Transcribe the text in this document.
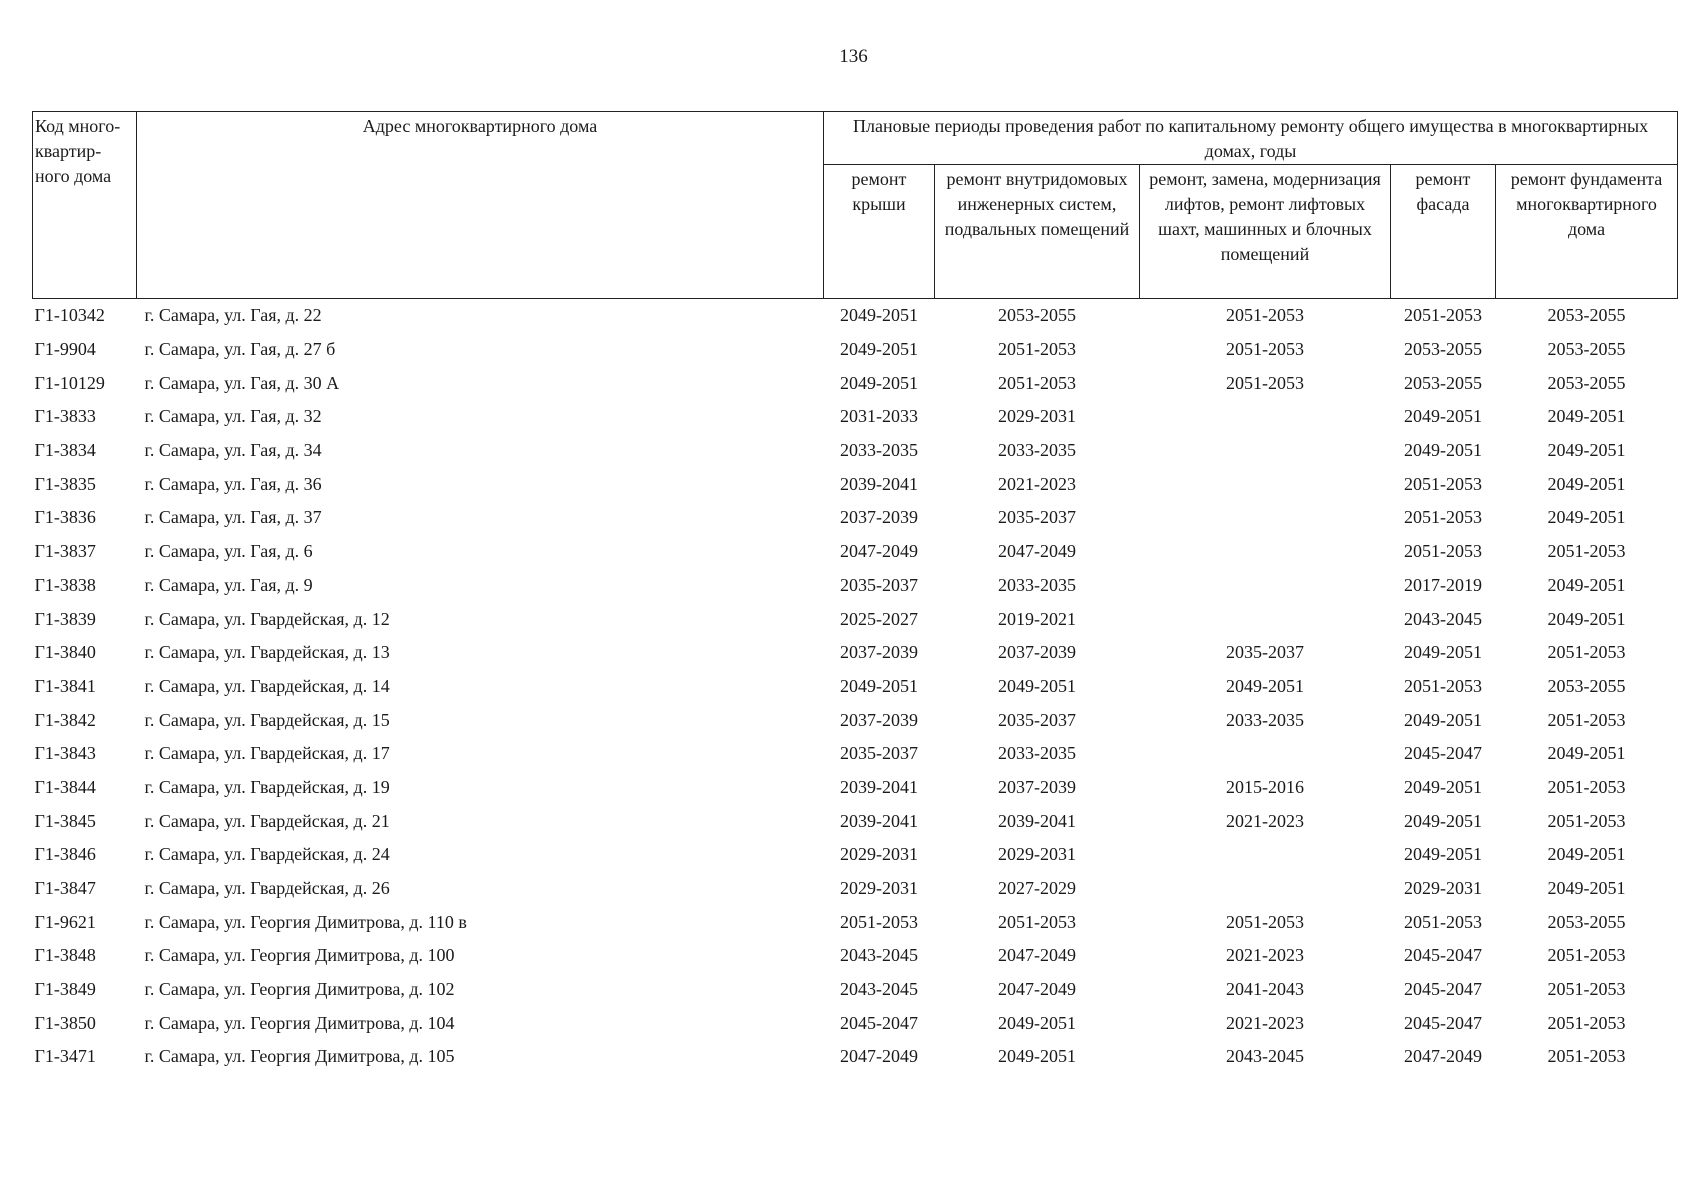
136
Код много-квартир-ного дома	Адрес многоквартирного дома	Плановые периоды проведения работ по капитальному ремонту общего имущества в многоквартирных домах, годы				
		ремонт крыши	ремонт внутридомовых инженерных систем, подвальных помещений	ремонт, замена, модернизация лифтов, ремонт лифтовых шахт, машинных и блочных помещений	ремонт фасада	ремонт фундамента многоквартирного дома
Г1-10342	г. Самара, ул. Гая, д. 22	2049-2051	2053-2055	2051-2053	2051-2053	2053-2055
Г1-9904	г. Самара, ул. Гая, д. 27 б	2049-2051	2051-2053	2051-2053	2053-2055	2053-2055
Г1-10129	г. Самара, ул. Гая, д. 30 А	2049-2051	2051-2053	2051-2053	2053-2055	2053-2055
Г1-3833	г. Самара, ул. Гая, д. 32	2031-2033	2029-2031		2049-2051	2049-2051
Г1-3834	г. Самара, ул. Гая, д. 34	2033-2035	2033-2035		2049-2051	2049-2051
Г1-3835	г. Самара, ул. Гая, д. 36	2039-2041	2021-2023		2051-2053	2049-2051
Г1-3836	г. Самара, ул. Гая, д. 37	2037-2039	2035-2037		2051-2053	2049-2051
Г1-3837	г. Самара, ул. Гая, д. 6	2047-2049	2047-2049		2051-2053	2051-2053
Г1-3838	г. Самара, ул. Гая, д. 9	2035-2037	2033-2035		2017-2019	2049-2051
Г1-3839	г. Самара, ул. Гвардейская, д. 12	2025-2027	2019-2021		2043-2045	2049-2051
Г1-3840	г. Самара, ул. Гвардейская, д. 13	2037-2039	2037-2039	2035-2037	2049-2051	2051-2053
Г1-3841	г. Самара, ул. Гвардейская, д. 14	2049-2051	2049-2051	2049-2051	2051-2053	2053-2055
Г1-3842	г. Самара, ул. Гвардейская, д. 15	2037-2039	2035-2037	2033-2035	2049-2051	2051-2053
Г1-3843	г. Самара, ул. Гвардейская, д. 17	2035-2037	2033-2035		2045-2047	2049-2051
Г1-3844	г. Самара, ул. Гвардейская, д. 19	2039-2041	2037-2039	2015-2016	2049-2051	2051-2053
Г1-3845	г. Самара, ул. Гвардейская, д. 21	2039-2041	2039-2041	2021-2023	2049-2051	2051-2053
Г1-3846	г. Самара, ул. Гвардейская, д. 24	2029-2031	2029-2031		2049-2051	2049-2051
Г1-3847	г. Самара, ул. Гвардейская, д. 26	2029-2031	2027-2029		2029-2031	2049-2051
Г1-9621	г. Самара, ул. Георгия Димитрова, д. 110 в	2051-2053	2051-2053	2051-2053	2051-2053	2053-2055
Г1-3848	г. Самара, ул. Георгия Димитрова, д. 100	2043-2045	2047-2049	2021-2023	2045-2047	2051-2053
Г1-3849	г. Самара, ул. Георгия Димитрова, д. 102	2043-2045	2047-2049	2041-2043	2045-2047	2051-2053
Г1-3850	г. Самара, ул. Георгия Димитрова, д. 104	2045-2047	2049-2051	2021-2023	2045-2047	2051-2053
Г1-3471	г. Самара, ул. Георгия Димитрова, д. 105	2047-2049	2049-2051	2043-2045	2047-2049	2051-2053
